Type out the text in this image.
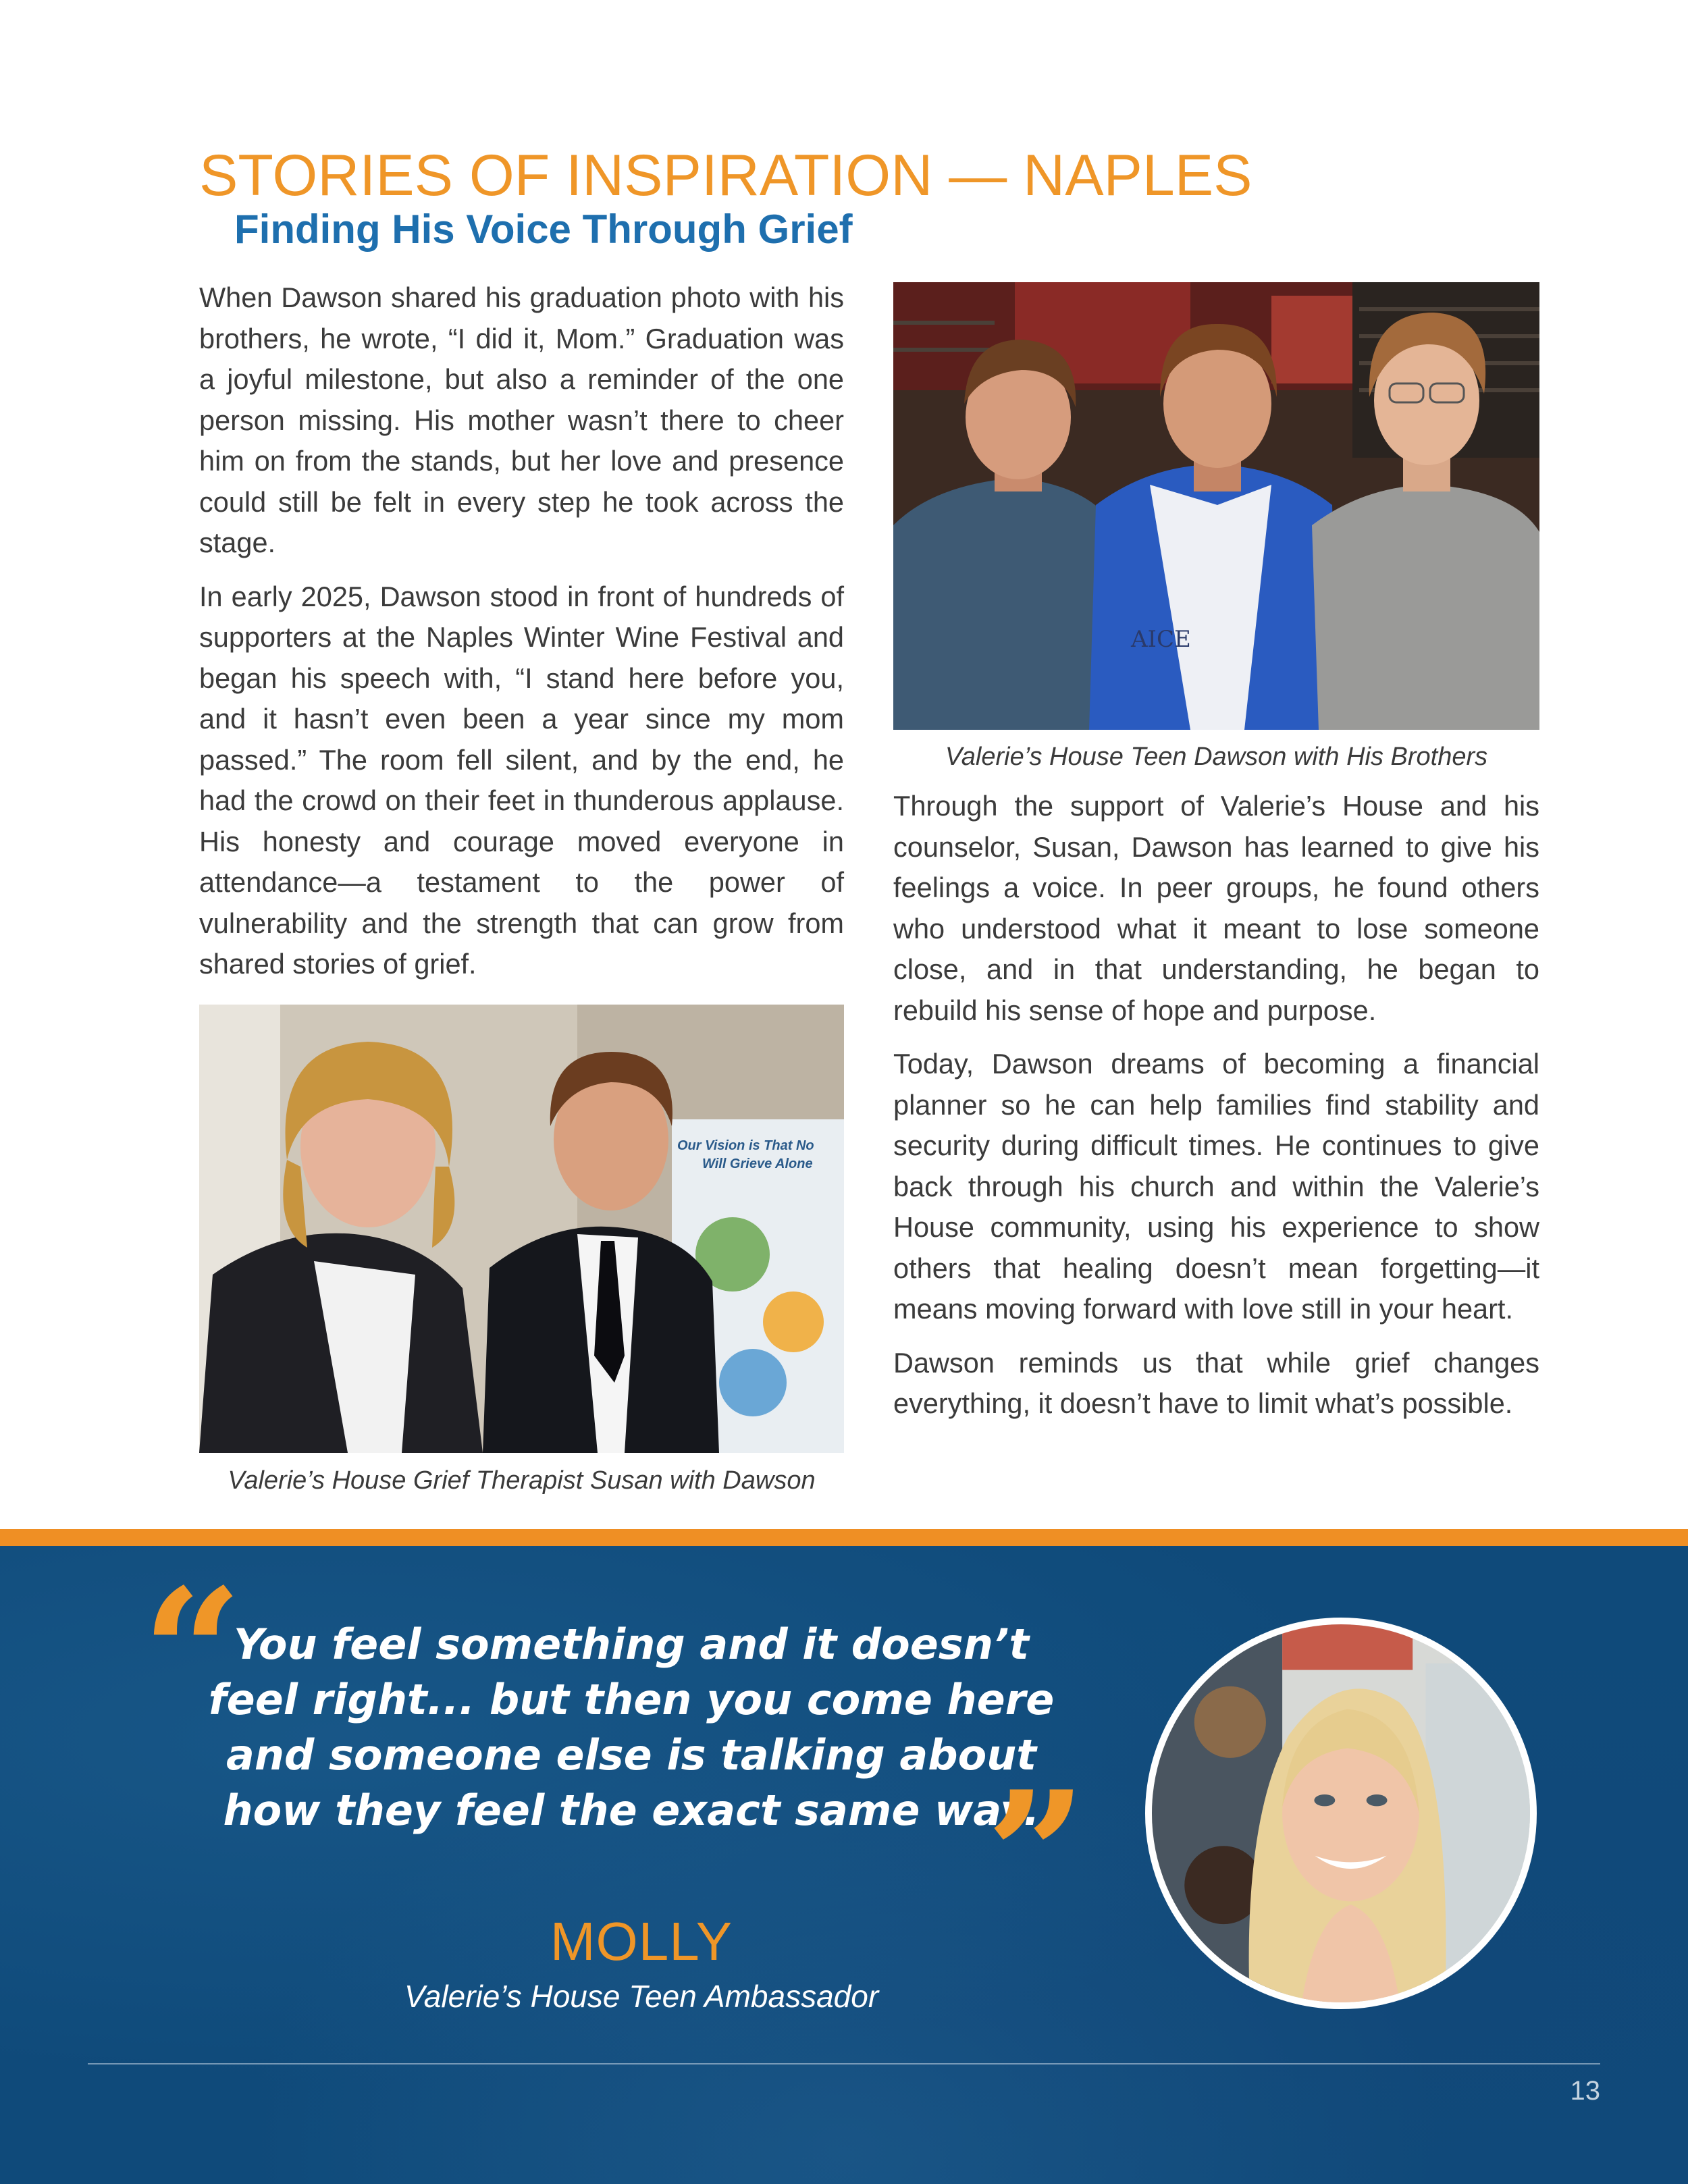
STORIES OF INSPIRATION — NAPLES
Finding His Voice Through Grief

When Dawson shared his graduation photo with his brothers, he wrote, “I did it, Mom.” Graduation was a joyful milestone, but also a reminder of the one person missing. His mother wasn’t there to cheer him on from the stands, but her love and presence could still be felt in every step he took across the stage.

In early 2025, Dawson stood in front of hundreds of supporters at the Naples Winter Wine Festival and began his speech with, “I stand here before you, and it hasn’t even been a year since my mom passed.” The room fell silent, and by the end, he had the crowd on their feet in thunderous applause. His honesty and courage moved everyone in attendance—a testament to the power of vulnerability and the strength that can grow from shared stories of grief.

AICE
Valerie’s House Teen Dawson with His Brothers

Through the support of Valerie’s House and his counselor, Susan, Dawson has learned to give his feelings a voice. In peer groups, he found others who understood what it meant to lose someone close, and in that understanding, he began to rebuild his sense of hope and purpose.

Today, Dawson dreams of becoming a financial planner so he can help families find stability and security during difficult times. He continues to give back through his church and within the Valerie’s House community, using his experience to show others that healing doesn’t mean forgetting—it means moving forward with love still in your heart.

Dawson reminds us that while grief changes everything, it doesn’t have to limit what’s possible.

Our Vision is That No
Will Grieve Alone
Valerie’s House Grief Therapist Susan with Dawson
“

You feel something and it doesn’t feel right... but then you come here and someone else is talking about how they feel the exact same way.

”
MOLLY
Valerie’s House Teen Ambassador
13
